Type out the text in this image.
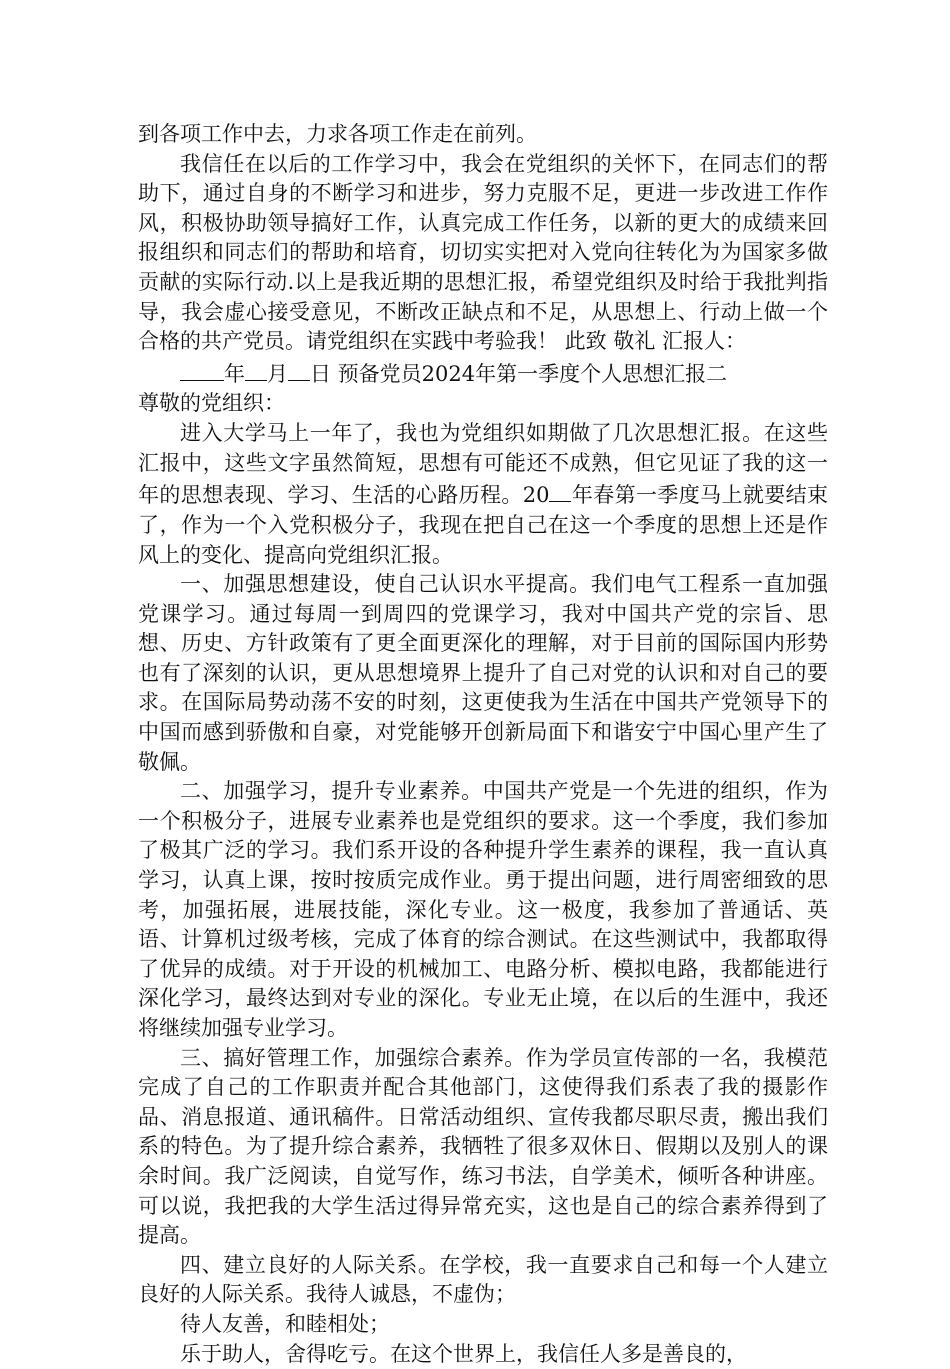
到各项工作中去，力求各项工作走在前列。

我信任在以后的工作学习中，我会在党组织的关怀下，在同志们的帮助下，通过自身的不断学习和进步，努力克服不足，更进一步改进工作作风，积极协助领导搞好工作，认真完成工作任务，以新的更大的成绩来回报组织和同志们的帮助和培育，切切实实把对入党向往转化为为国家多做贡献的实际行动.以上是我近期的思想汇报，希望党组织及时给于我批判指导，我会虚心接受意见，不断改正缺点和不足，从思想上、行动上做一个合格的共产党员。请党组织在实践中考验我！ 此致 敬礼 汇报人：

年 月 日 预备党员2024年第一季度个人思想汇报二

尊敬的党组织：

进入大学马上一年了，我也为党组织如期做了几次思想汇报。在这些汇报中，这些文字虽然简短，思想有可能还不成熟，但它见证了我的这一年的思想表现、学习、生活的心路历程。20 年春第一季度马上就要结束了，作为一个入党积极分子，我现在把自己在这一个季度的思想上还是作风上的变化、提高向党组织汇报。

一、加强思想建设，使自己认识水平提高。我们电气工程系一直加强党课学习。通过每周一到周四的党课学习，我对中国共产党的宗旨、思想、历史、方针政策有了更全面更深化的理解，对于目前的国际国内形势也有了深刻的认识，更从思想境界上提升了自己对党的认识和对自己的要求。在国际局势动荡不安的时刻，这更使我为生活在中国共产党领导下的中国而感到骄傲和自豪，对党能够开创新局面下和谐安宁中国心里产生了敬佩。

二、加强学习，提升专业素养。中国共产党是一个先进的组织，作为一个积极分子，进展专业素养也是党组织的要求。这一个季度，我们参加了极其广泛的学习。我们系开设的各种提升学生素养的课程，我一直认真学习，认真上课，按时按质完成作业。勇于提出问题，进行周密细致的思考，加强拓展，进展技能，深化专业。这一极度，我参加了普通话、英语、计算机过级考核，完成了体育的综合测试。在这些测试中，我都取得了优异的成绩。对于开设的机械加工、电路分析、模拟电路，我都能进行深化学习，最终达到对专业的深化。专业无止境，在以后的生涯中，我还将继续加强专业学习。

三、搞好管理工作，加强综合素养。作为学员宣传部的一名，我模范完成了自己的工作职责并配合其他部门，这使得我们系表了我的摄影作品、消息报道、通讯稿件。日常活动组织、宣传我都尽职尽责，搬出我们系的特色。为了提升综合素养，我牺牲了很多双休日、假期以及别人的课余时间。我广泛阅读，自觉写作，练习书法，自学美术，倾听各种讲座。可以说，我把我的大学生活过得异常充实，这也是自己的综合素养得到了提高。

四、建立良好的人际关系。在学校，我一直要求自己和每一个人建立良好的人际关系。我待人诚恳，不虚伪；

待人友善，和睦相处；

乐于助人，舍得吃亏。在这个世界上，我信任人多是善良的，
